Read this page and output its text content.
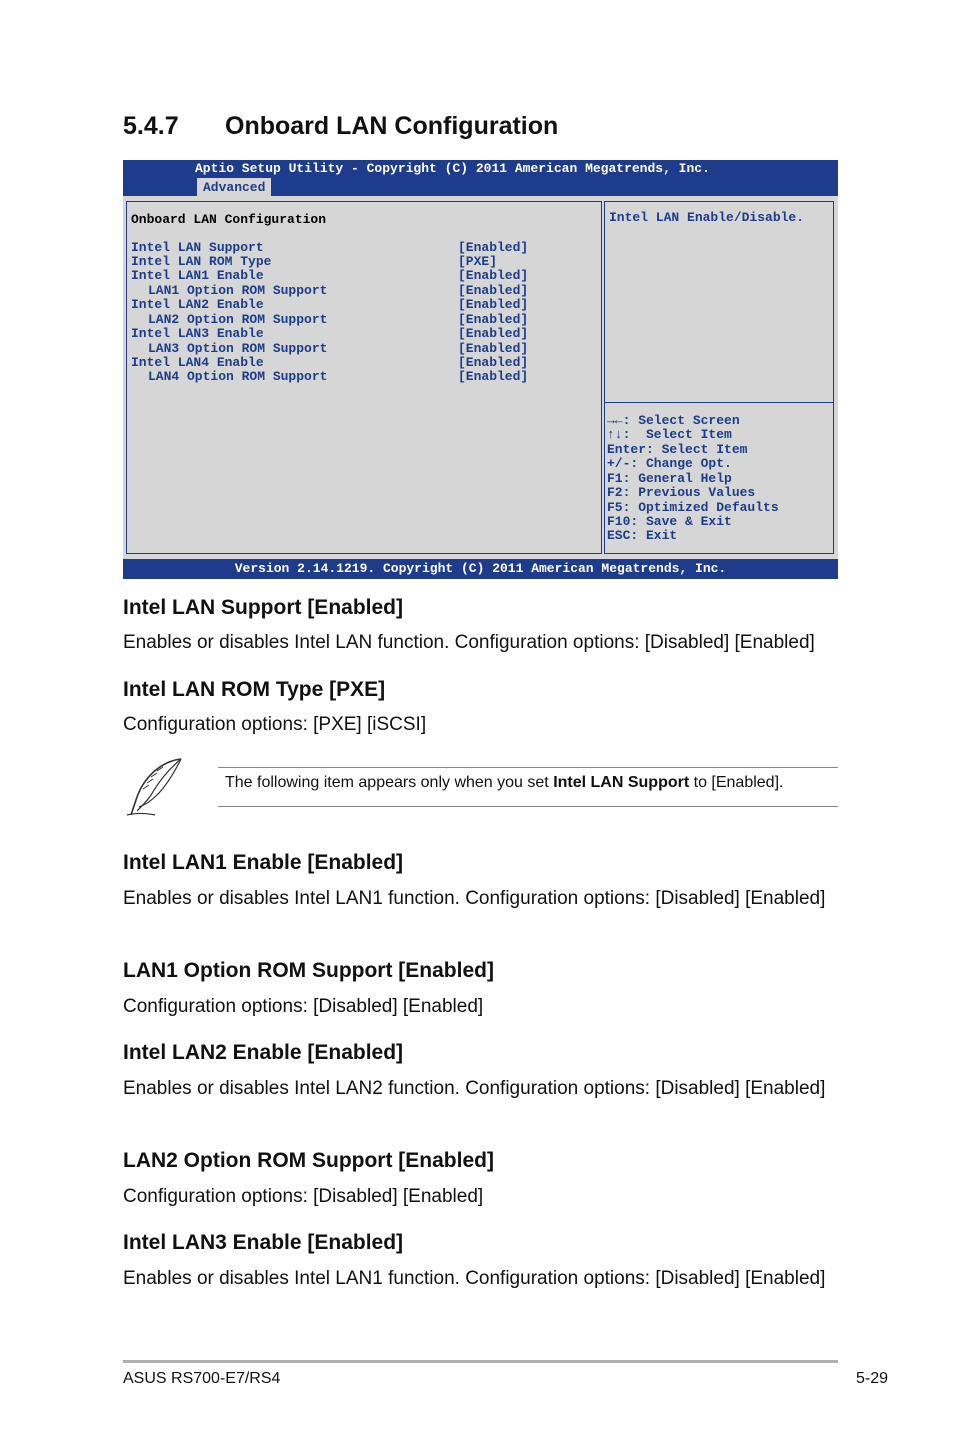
5.4.7 Onboard LAN Configuration
Aptio Setup Utility - Copyright (C) 2011 American Megatrends, Inc.
Advanced
Onboard LAN Configuration
Intel LAN Support	[Enabled]
Intel LAN ROM Type	[PXE]
Intel LAN1 Enable	[Enabled]
LAN1 Option ROM Support	[Enabled]
Intel LAN2 Enable	[Enabled]
LAN2 Option ROM Support	[Enabled]
Intel LAN3 Enable	[Enabled]
LAN3 Option ROM Support	[Enabled]
Intel LAN4 Enable	[Enabled]
LAN4 Option ROM Support	[Enabled]
Intel LAN Enable/Disable.
→←: Select Screen
↑↓:  Select Item
Enter: Select Item
+/-: Change Opt.
F1: General Help
F2: Previous Values
F5: Optimized Defaults
F10: Save & Exit
ESC: Exit
Version 2.14.1219. Copyright (C) 2011 American Megatrends, Inc.
Intel LAN Support [Enabled]
Enables or disables Intel LAN function. Configuration options: [Disabled] [Enabled]
Intel LAN ROM Type [PXE]
Configuration options: [PXE] [iSCSI]
The following item appears only when you set Intel LAN Support to [Enabled].
Intel LAN1 Enable [Enabled]
Enables or disables Intel LAN1 function. Configuration options: [Disabled] [Enabled]
LAN1 Option ROM Support [Enabled]
Configuration options: [Disabled] [Enabled]
Intel LAN2 Enable [Enabled]
Enables or disables Intel LAN2 function. Configuration options: [Disabled] [Enabled]
LAN2 Option ROM Support [Enabled]
Configuration options: [Disabled] [Enabled]
Intel LAN3 Enable [Enabled]
Enables or disables Intel LAN1 function. Configuration options: [Disabled] [Enabled]
ASUS RS700-E7/RS4	5-29
